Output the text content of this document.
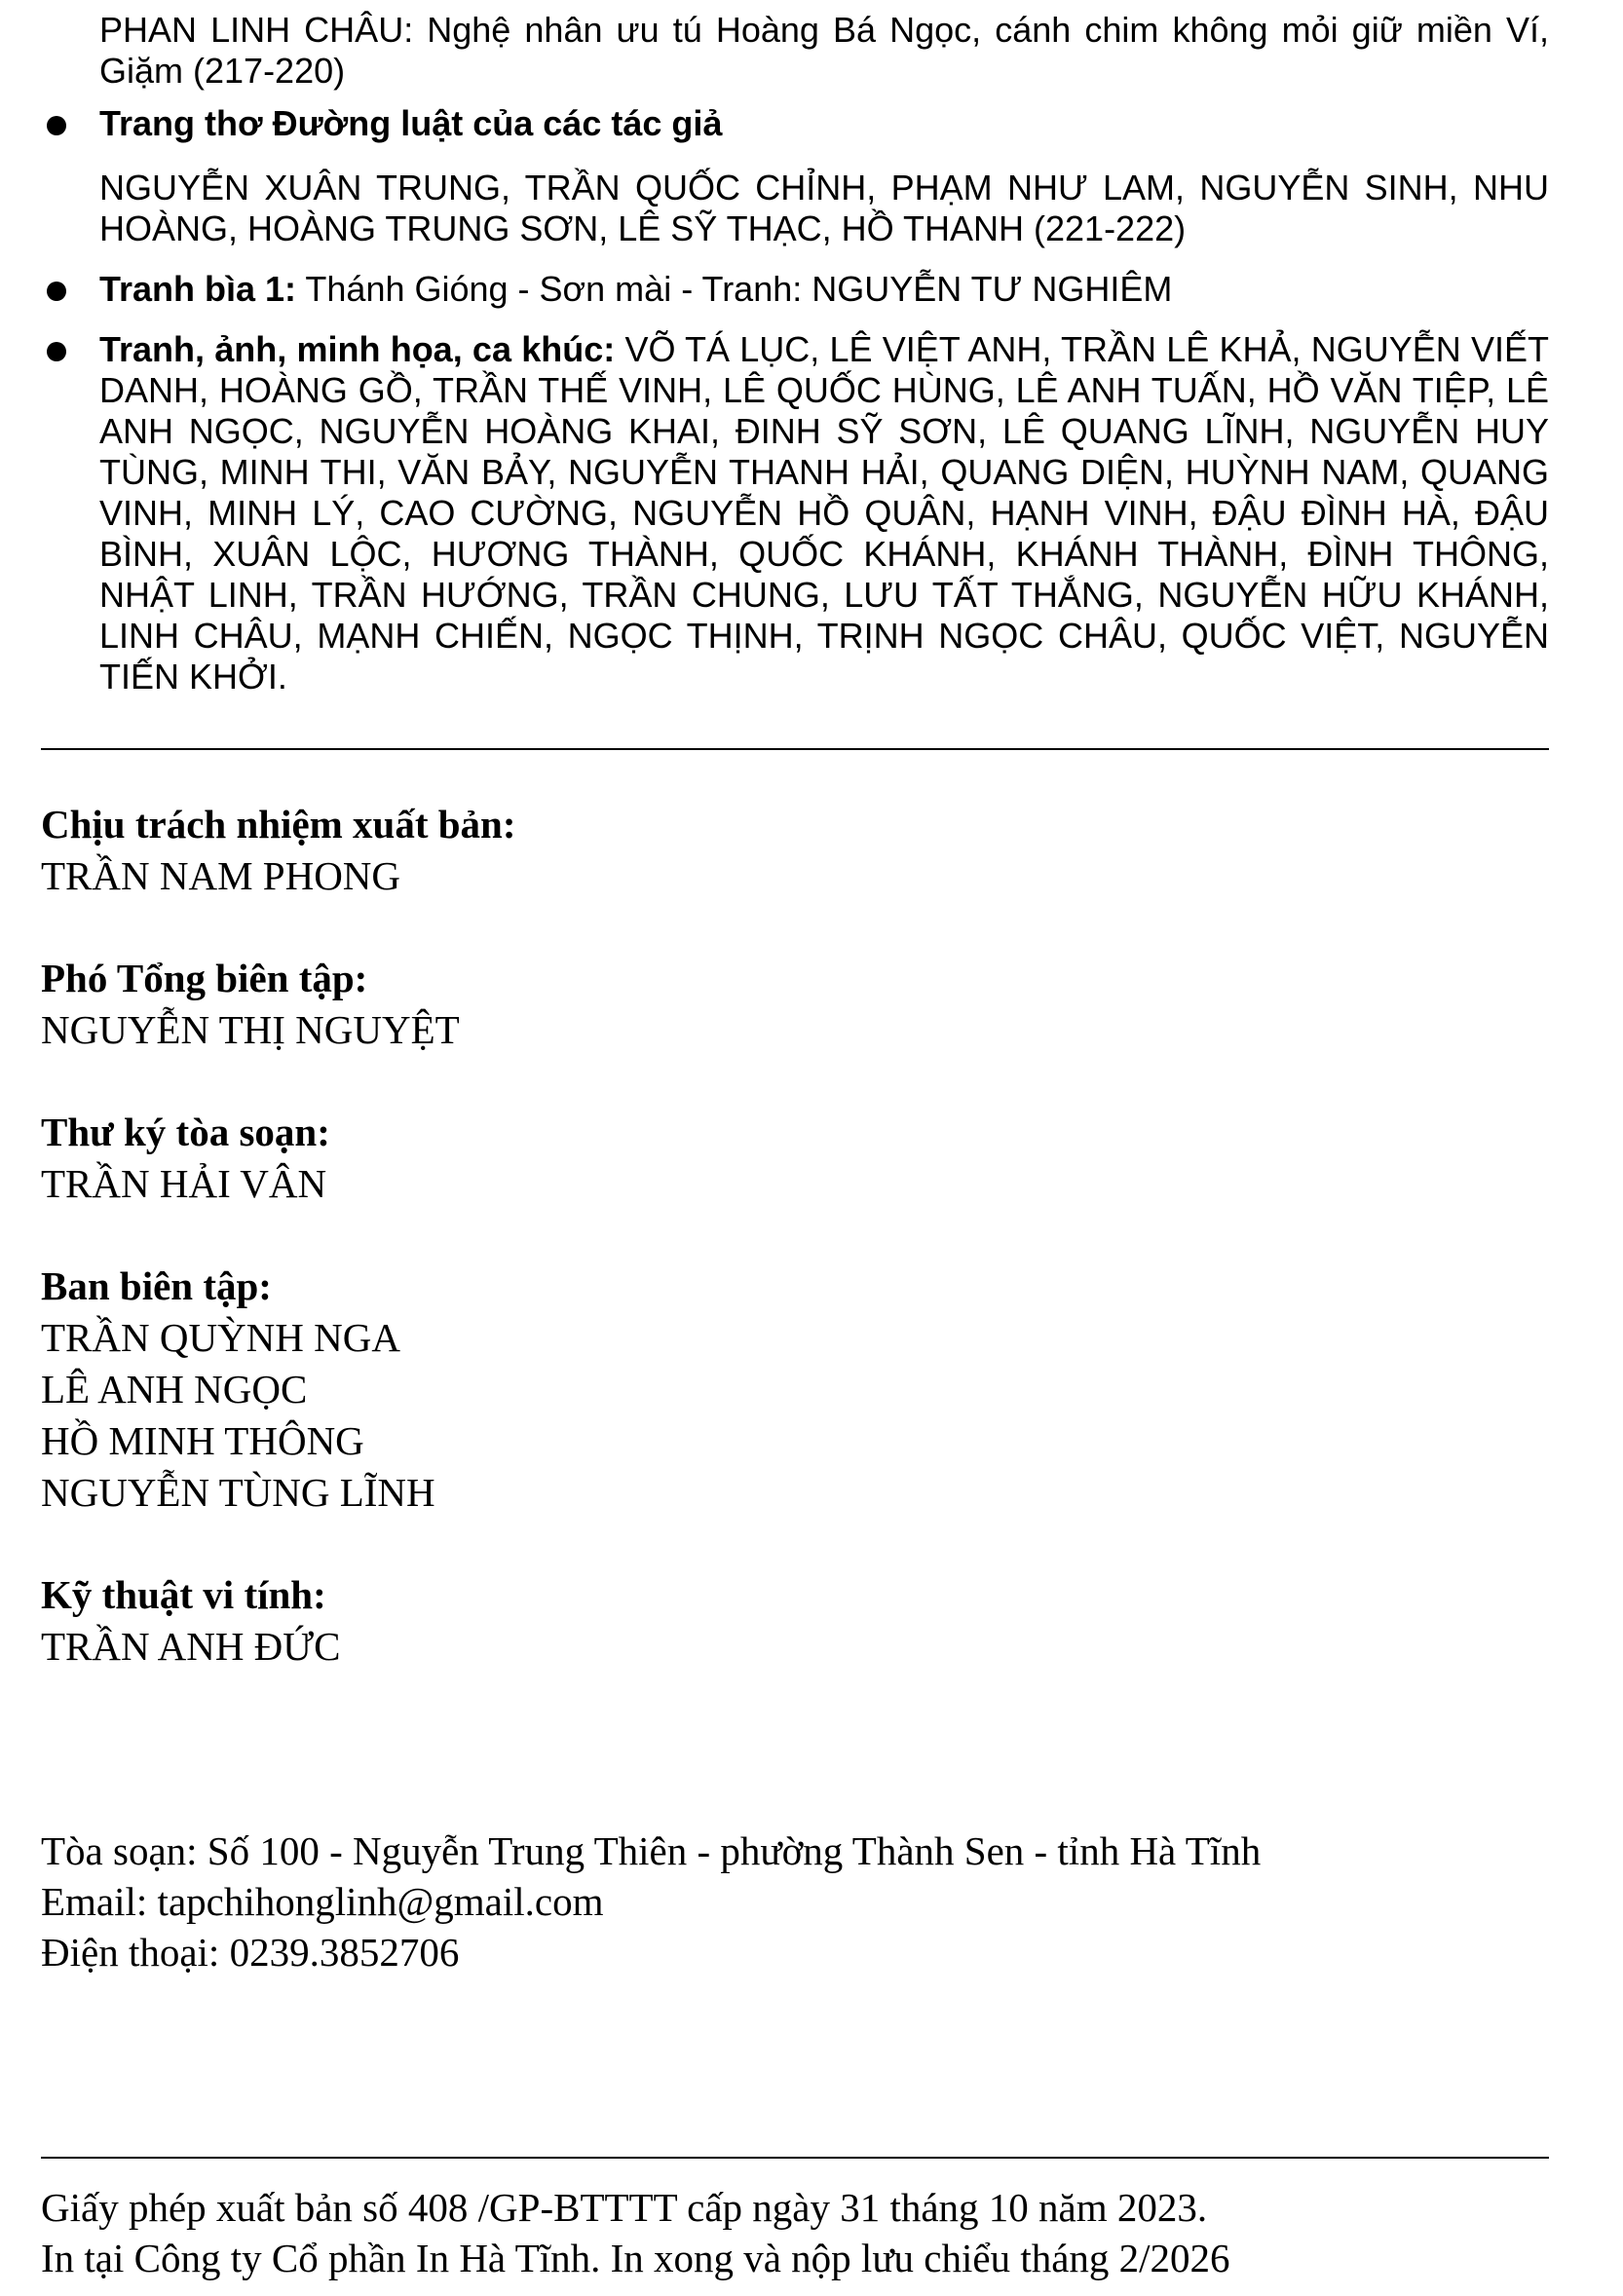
PHAN LINH CHÂU: Nghệ nhân ưu tú Hoàng Bá Ngọc, cánh chim không mỏi giữ miền Ví, Giặm (217-220)
Trang thơ Đường luật của các tác giả
NGUYỄN XUÂN TRUNG, TRẦN QUỐC CHỈNH, PHẠM NHƯ LAM, NGUYỄN SINH, NHU HOÀNG, HOÀNG TRUNG SƠN, LÊ SỸ THẠC, HỒ THANH (221-222)
Tranh bìa 1: Thánh Gióng - Sơn mài - Tranh: NGUYỄN TƯ NGHIÊM
Tranh, ảnh, minh họa, ca khúc: VÕ TÁ LỤC, LÊ VIỆT ANH, TRẦN LÊ KHẢ, NGUYỄN VIẾT DANH, HOÀNG GỒ, TRẦN THẾ VINH, LÊ QUỐC HÙNG, LÊ ANH TUẤN, HỒ VĂN TIỆP, LÊ ANH NGỌC, NGUYỄN HOÀNG KHAI, ĐINH SỸ SƠN, LÊ QUANG LĨNH, NGUYỄN HUY TÙNG, MINH THI, VĂN BẢY, NGUYỄN THANH HẢI, QUANG DIỆN, HUỲNH NAM, QUANG VINH, MINH LÝ, CAO CƯỜNG, NGUYỄN HỒ QUÂN, HẠNH VINH, ĐẬU ĐÌNH HÀ, ĐẬU BÌNH, XUÂN LỘC, HƯƠNG THÀNH, QUỐC KHÁNH, KHÁNH THÀNH, ĐÌNH THÔNG, NHẬT LINH, TRẦN HƯỚNG, TRẦN CHUNG, LƯU TẤT THẮNG, NGUYỄN HỮU KHÁNH, LINH CHÂU, MẠNH CHIẾN, NGỌC THỊNH, TRỊNH NGỌC CHÂU, QUỐC VIỆT, NGUYỄN TIẾN KHỞI.
Chịu trách nhiệm xuất bản:
TRẦN NAM PHONG
Phó Tổng biên tập:
NGUYỄN THỊ NGUYỆT
Thư ký tòa soạn:
TRẦN HẢI VÂN
Ban biên tập:
TRẦN QUỲNH NGA
LÊ ANH NGỌC
HỒ MINH THÔNG
NGUYỄN TÙNG LĨNH
Kỹ thuật vi tính:
TRẦN ANH ĐỨC
Tòa soạn: Số 100 - Nguyễn Trung Thiên - phường Thành Sen - tỉnh Hà Tĩnh
Email: tapchihonglinh@gmail.com
Điện thoại: 0239.3852706
Giấy phép xuất bản số 408 /GP-BTTTT cấp ngày 31 tháng 10 năm 2023.
In tại Công ty Cổ phần In Hà Tĩnh. In xong và nộp lưu chiểu tháng 2/2026
